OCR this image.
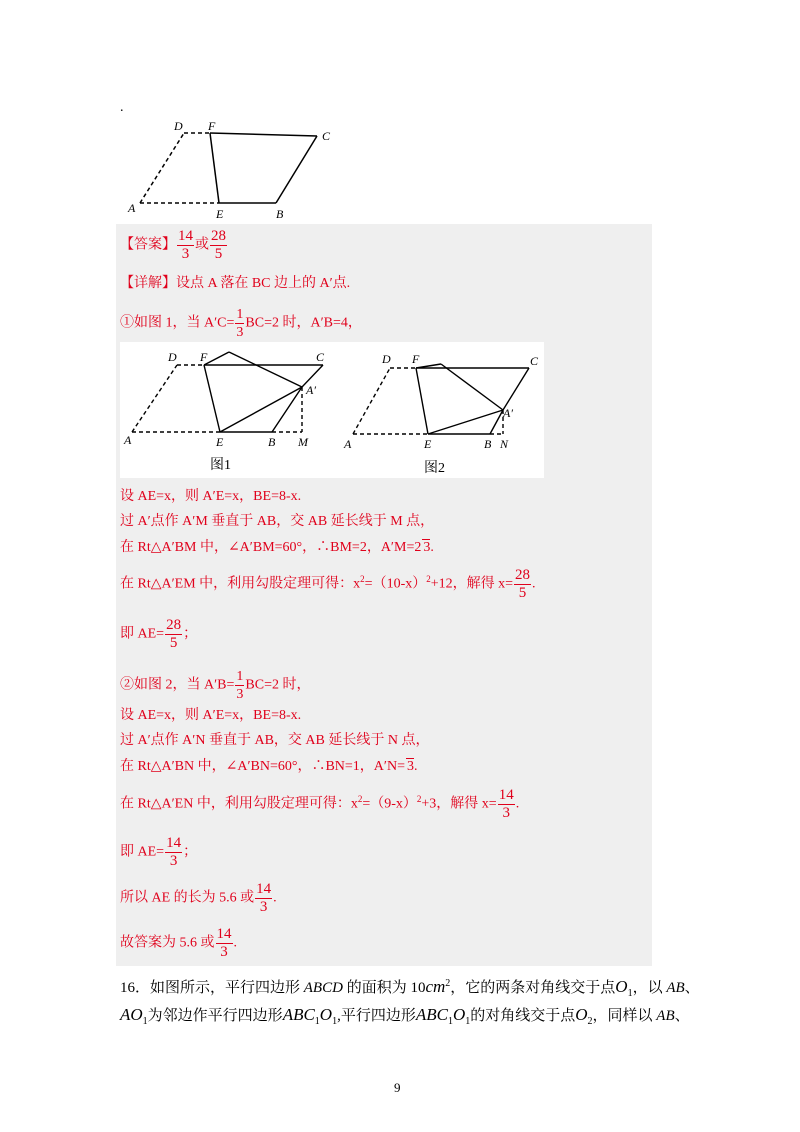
.
D F
C
A	E	B
【答案】 $\frac{14}{3}$ 或 $\frac{28}{5}$
【详解】设点 A 落在 BC 边上的 A′点.
①如图 1，当 $A'C= \frac{1}{3} BC=2$ 时，A′B=4，
D F	C
A′
A	E	B M
图1
D F	C
A′
A	E	B N
图2
设 AE=x，则 A′E=x，BE=8-x.
过 A′点作 A′M 垂直于 AB，交 AB 延长线于 M 点，
在 Rt△A′BM 中，∠A′BM=60°，∴BM=2，A′M=2 3.
在 Rt△A′EM 中，利用勾股定理可得：$x^2=(10-x)^2+12$，解得 $x= \frac{28}{5}$ .
即 $AE= \frac{28}{5}$ ；
②如图 2，当 $A'B= \frac{1}{3} BC=2$ 时，
设 AE=x，则 A′E=x，BE=8-x.
过 A′点作 A′N 垂直于 AB，交 AB 延长线于 N 点，
在 Rt△A′BN 中，∠A′BN=60°，∴BN=1，A′N= 3.
在 Rt△A′EN 中，利用勾股定理可得：$x^2=(9-x)^2+3$，解得 $x= \frac{14}{3}$ .
即 $AE= \frac{14}{3}$ ；
所以 AE 的长为 5.6 或 $\frac{14}{3}$ .
故答案为 5.6 或 $\frac{14}{3}$ .
16．如图所示，平行四边形 ABCD 的面积为 $10cm^2$，它的两条对角线交于点$O_1$，以 AB、
$AO_1$为邻边作平行四边形$ABC_1O_1$,平行四边形$ABC_1O_1$的对角线交于点$O_2$，同样以 AB、
9
